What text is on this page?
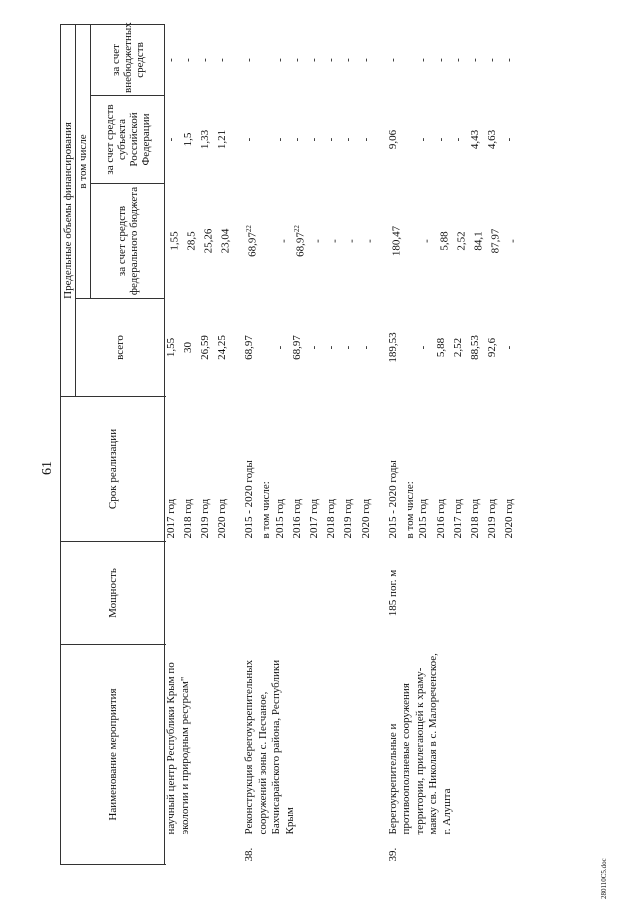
61
Наименование мероприятия		Мощность	Срок реализации	Предельные объемы финансирования			
				всего	в том числе		
					за счет средств федерального бюджета	за счет средств субъекта Российской Федерации	за счет внебюджетных средств

	научный центр Республики Крым по экологии и природным ресурсам"		2017 год	1,55	1,55	-	-
			2018 год	30	28,5	1,5	-
			2019 год	26,59	25,26	1,33	-
			2020 год	24,25	23,04	1,21	-

38.	Реконструкция берегоукрепительных сооружений зоны с. Песчаное, Бахчисарайского района, Республики Крым		2015 - 2020 годы	68,97	68,97$^{22}$	-	-
			в том числе:				
			2015 год	-	-	-	-
			2016 год	68,97	68,97$^{22}$	-	-
			2017 год	-	-	-	-
			2018 год	-	-	-	-
			2019 год	-	-	-	-
			2020 год	-	-	-	-

39.	Берегоукрепительные и противооползневые сооружения территории, прилегающей к храму-маяку св. Николая в с. Малореченское, г. Алушта	185 пог. м	2015 - 2020 годы	189,53	180,47	9,06	-
			в том числе:				
			2015 год	-	-	-	-
			2016 год	5,88	5,88	-	-
			2017 год	2,52	2,52	-	-
			2018 год	88,53	84,1	4,43	-
			2019 год	92,6	87,97	4,63	-
			2020 год	-	-	-	-
280110C5.doc
